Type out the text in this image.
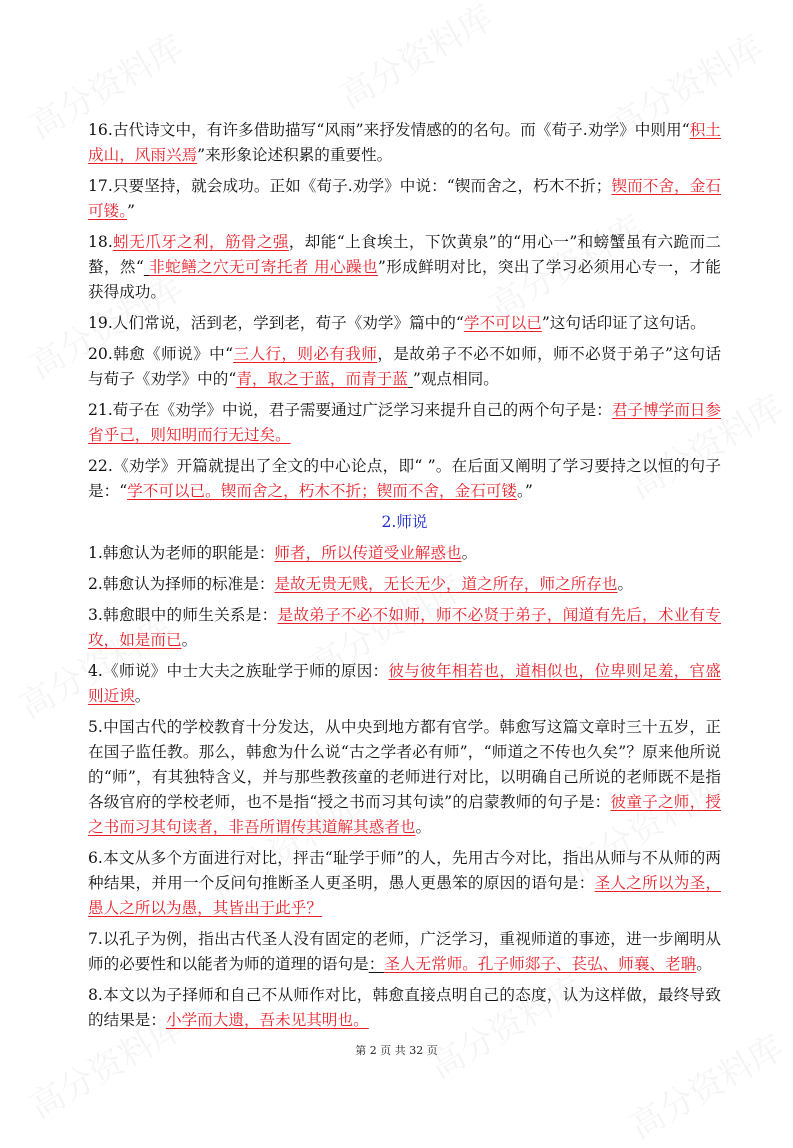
16.古代诗文中，有许多借助描写“风雨”来抒发情感的的名句。而《荀子.劝学》中则用“积土成山，风雨兴焉”来形象论述积累的重要性。

17.只要坚持，就会成功。正如《荀子.劝学》中说：“锲而舍之，朽木不折；锲而不舍，金石可镂。”

18.蚓无爪牙之利，筋骨之强，却能“上食埃土，下饮黄泉”的“用心一”和螃蟹虽有六跪而二螯，然“ 非蛇鳝之穴无可寄托者 用心躁也”形成鲜明对比，突出了学习必须用心专一，才能获得成功。

19.人们常说，活到老，学到老，荀子《劝学》篇中的“学不可以已”这句话印证了这句话。

20.韩愈《师说》中“三人行，则必有我师，是故弟子不必不如师，师不必贤于弟子”这句话与荀子《劝学》中的“青，取之于蓝，而青于蓝 ”观点相同。

21.荀子在《劝学》中说，君子需要通过广泛学习来提升自己的两个句子是：君子博学而日参省乎己，则知明而行无过矣。

22.《劝学》开篇就提出了全文的中心论点，即“ ”。在后面又阐明了学习要持之以恒的句子是：“学不可以已。锲而舍之，朽木不折；锲而不舍，金石可镂。”

2.师说

1.韩愈认为老师的职能是：师者，所以传道受业解惑也。

2.韩愈认为择师的标准是：是故无贵无贱，无长无少，道之所存，师之所存也。

3.韩愈眼中的师生关系是：是故弟子不必不如师，师不必贤于弟子，闻道有先后，术业有专攻，如是而已。

4.《师说》中士大夫之族耻学于师的原因：彼与彼年相若也，道相似也，位卑则足羞，官盛则近谀。

5.中国古代的学校教育十分发达，从中央到地方都有官学。韩愈写这篇文章时三十五岁，正在国子监任教。那么，韩愈为什么说“古之学者必有师”，“师道之不传也久矣”？原来他所说的“师”，有其独特含义，并与那些教孩童的老师进行对比，以明确自己所说的老师既不是指各级官府的学校老师，也不是指“授之书而习其句读”的启蒙教师的句子是：彼童子之师，授之书而习其句读者，非吾所谓传其道解其惑者也。

6.本文从多个方面进行对比，抨击“耻学于师”的人，先用古今对比，指出从师与不从师的两种结果，并用一个反问句推断圣人更圣明，愚人更愚笨的原因的语句是：圣人之所以为圣，愚人之所以为愚，其皆出于此乎？

7.以孔子为例，指出古代圣人没有固定的老师，广泛学习，重视师道的事迹，进一步阐明从师的必要性和以能者为师的道理的语句是：圣人无常师。孔子师郯子、苌弘、师襄、老聃。

8.本文以为子择师和自己不从师作对比，韩愈直接点明自己的态度，认为这样做，最终导致的结果是：小学而大遗，吾未见其明也。

第 2 页 共 32 页
